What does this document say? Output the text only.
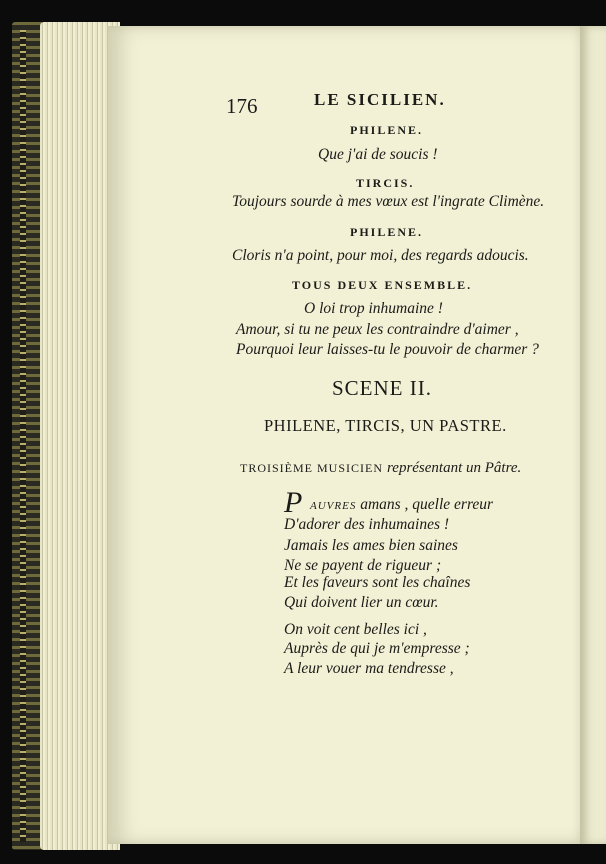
176	LE SICILIEN.
PHILENE.
Que j'ai de soucis !
TIRCIS.
Toujours sourde à mes vœux est l'ingrate Climène.
PHILENE.
Cloris n'a point, pour moi, des regards adoucis.
TOUS DEUX ENSEMBLE.
O loi trop inhumaine !
Amour, si tu ne peux les contraindre d'aimer ,
Pourquoi leur laisses-tu le pouvoir de charmer ?
SCENE II.
PHILENE, TIRCIS, UN PASTRE.
TROISIÈME MUSICIEN représentant un Pâtre.
P AUVRES amans , quelle erreur
D'adorer des inhumaines !
Jamais les ames bien saines
Ne se payent de rigueur ;
Et les faveurs sont les chaînes
Qui doivent lier un cœur.
On voit cent belles ici ,
Auprès de qui je m'empresse ;
A leur vouer ma tendresse ,
